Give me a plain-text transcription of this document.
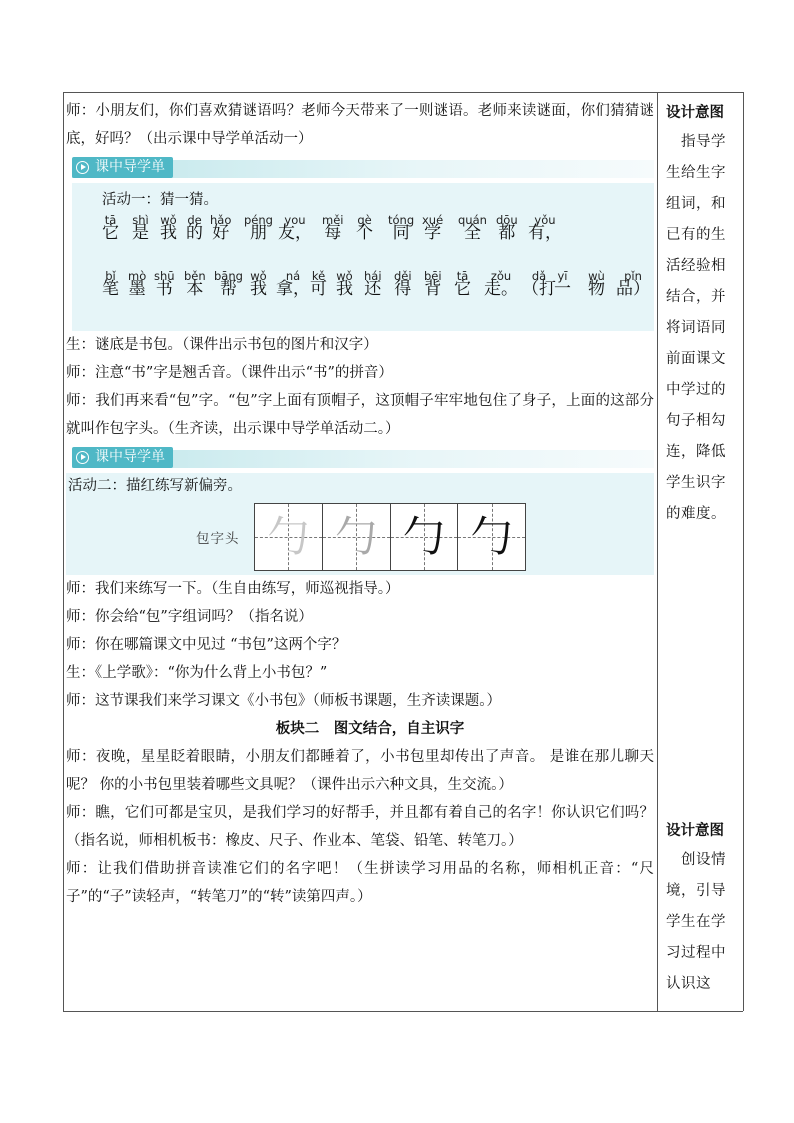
师：小朋友们，你们喜欢猜谜语吗？老师今天带来了一则谜语。老师来读谜面，你们猜猜谜底，好吗？（出示课中导学单活动一）

课中导学单
活动一：猜一猜。
tā
它
shì
是
wǒ
我
de
的
hǎo
好
péng
朋
you
友，
měi
每
gè
个
tóng
同
xué
学
quán
全
dōu
都
yǒu
有，
bǐ
笔
mò
墨
shū
书
běn
本
bāng
帮
wǒ
我
ná
拿，
kě
可
wǒ
我
hái
还
děi
得
bēi
背
tā
它
zǒu
走。
dǎ
（打
yī
一
wù
物
pǐn
品）

生：谜底是书包。（课件出示书包的图片和汉字）

师：注意“书”字是翘舌音。（课件出示“书”的拼音）

师：我们再来看“包”字。“包”字上面有顶帽子，这顶帽子牢牢地包住了身子，上面的这部分就叫作包字头。（生齐读，出示课中导学单活动二。）

课中导学单
活动二：描红练写新偏旁。
包字头 勹 勹 勹 勹

师：我们来练写一下。（生自由练写，师巡视指导。）

师：你会给“包”字组词吗？（指名说）

师：你在哪篇课文中见过 “书包”这两个字？

生：《上学歌》：“你为什么背上小书包？”

师：这节课我们来学习课文《小书包》（师板书课题，生齐读课题。）

板块二　图文结合，自主识字

师：夜晚，星星眨着眼睛，小朋友们都睡着了，小书包里却传出了声音。 是谁在那儿聊天呢？ 你的小书包里装着哪些文具呢？（课件出示六种文具，生交流。）

师：瞧，它们可都是宝贝，是我们学习的好帮手，并且都有着自己的名字！你认识它们吗？（指名说，师相机板书：橡皮、尺子、作业本、笔袋、铅笔、转笔刀。）

师：让我们借助拼音读准它们的名字吧！（生拼读学习用品的名称，师相机正音：“尺子”的“子”读轻声，“转笔刀”的“转”读第四声。）

设计意图
　指导学生给生字组词，和已有的生活经验相结合，并将词语同前面课文中学过的句子相勾连，降低学生识字的难度。
设计意图
　创设情境，引导学生在学习过程中认识这
